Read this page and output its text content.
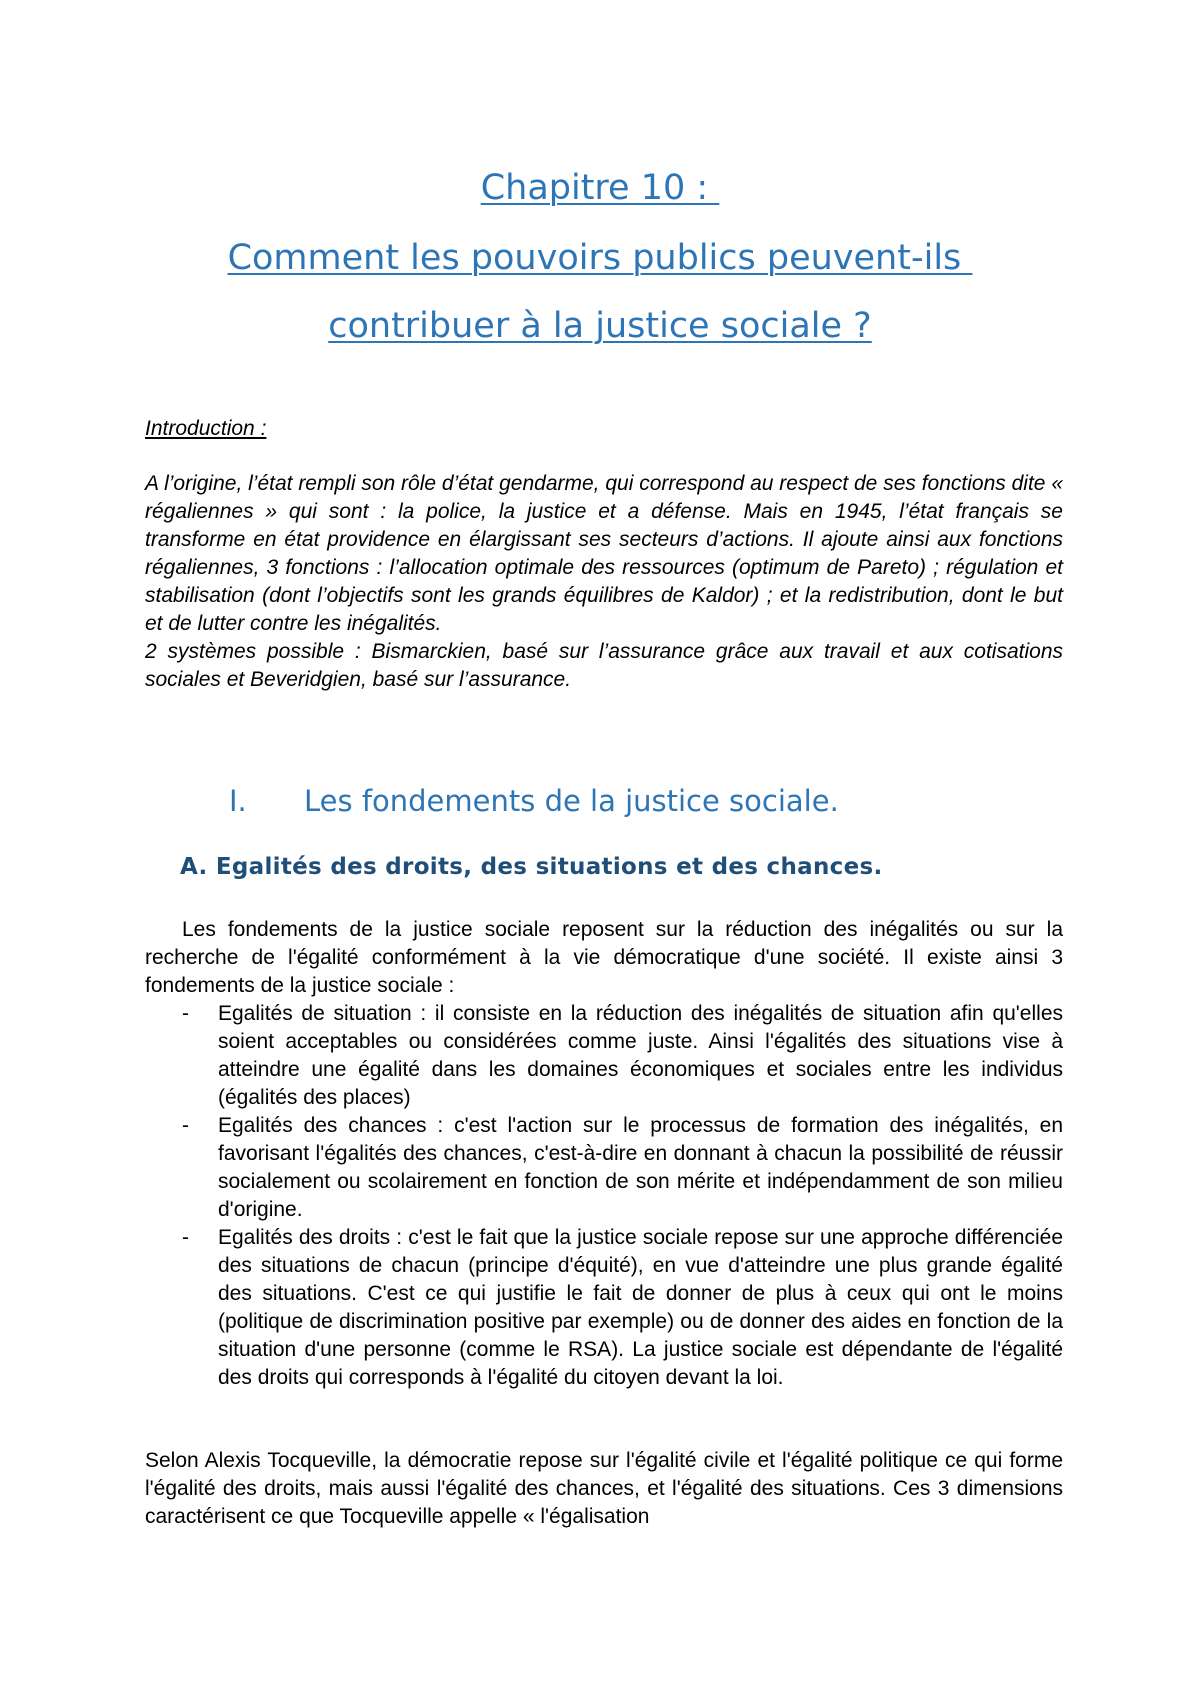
Chapitre 10 :
Comment les pouvoirs publics peuvent-ils
contribuer à la justice sociale ?
Introduction :

A l’origine, l’état rempli son rôle d’état gendarme, qui correspond au respect de ses fonctions dite « régaliennes » qui sont : la police, la justice et a défense. Mais en 1945, l’état français se transforme en état providence en élargissant ses secteurs d’actions. Il ajoute ainsi aux fonctions régaliennes, 3 fonctions : l’allocation optimale des ressources (optimum de Pareto) ; régulation et stabilisation (dont l’objectifs sont les grands équilibres de Kaldor) ; et la redistribution, dont le but et de lutter contre les inégalités.

2 systèmes possible : Bismarckien, basé sur l’assurance grâce aux travail et aux cotisations sociales et Beveridgien, basé sur l’assurance.

I. Les fondements de la justice sociale.
A. Egalités des droits, des situations et des chances.

Les fondements de la justice sociale reposent sur la réduction des inégalités ou sur la recherche de l'égalité conformément à la vie démocratique d'une société. Il existe ainsi 3 fondements de la justice sociale :

- Egalités de situation : il consiste en la réduction des inégalités de situation afin qu'elles soient acceptables ou considérées comme juste. Ainsi l'égalités des situations vise à atteindre une égalité dans les domaines économiques et sociales entre les individus (égalités des places)
- Egalités des chances : c'est l'action sur le processus de formation des inégalités, en favorisant l'égalités des chances, c'est-à-dire en donnant à chacun la possibilité de réussir socialement ou scolairement en fonction de son mérite et indépendamment de son milieu d'origine.
- Egalités des droits : c'est le fait que la justice sociale repose sur une approche différenciée des situations de chacun (principe d'équité), en vue d'atteindre une plus grande égalité des situations. C'est ce qui justifie le fait de donner de plus à ceux qui ont le moins (politique de discrimination positive par exemple) ou de donner des aides en fonction de la situation d'une personne (comme le RSA). La justice sociale est dépendante de l'égalité des droits qui corresponds à l'égalité du citoyen devant la loi.

Selon Alexis Tocqueville, la démocratie repose sur l'égalité civile et l'égalité politique ce qui forme l'égalité des droits, mais aussi l'égalité des chances, et l'égalité des situations. Ces 3 dimensions caractérisent ce que Tocqueville appelle « l'égalisation
